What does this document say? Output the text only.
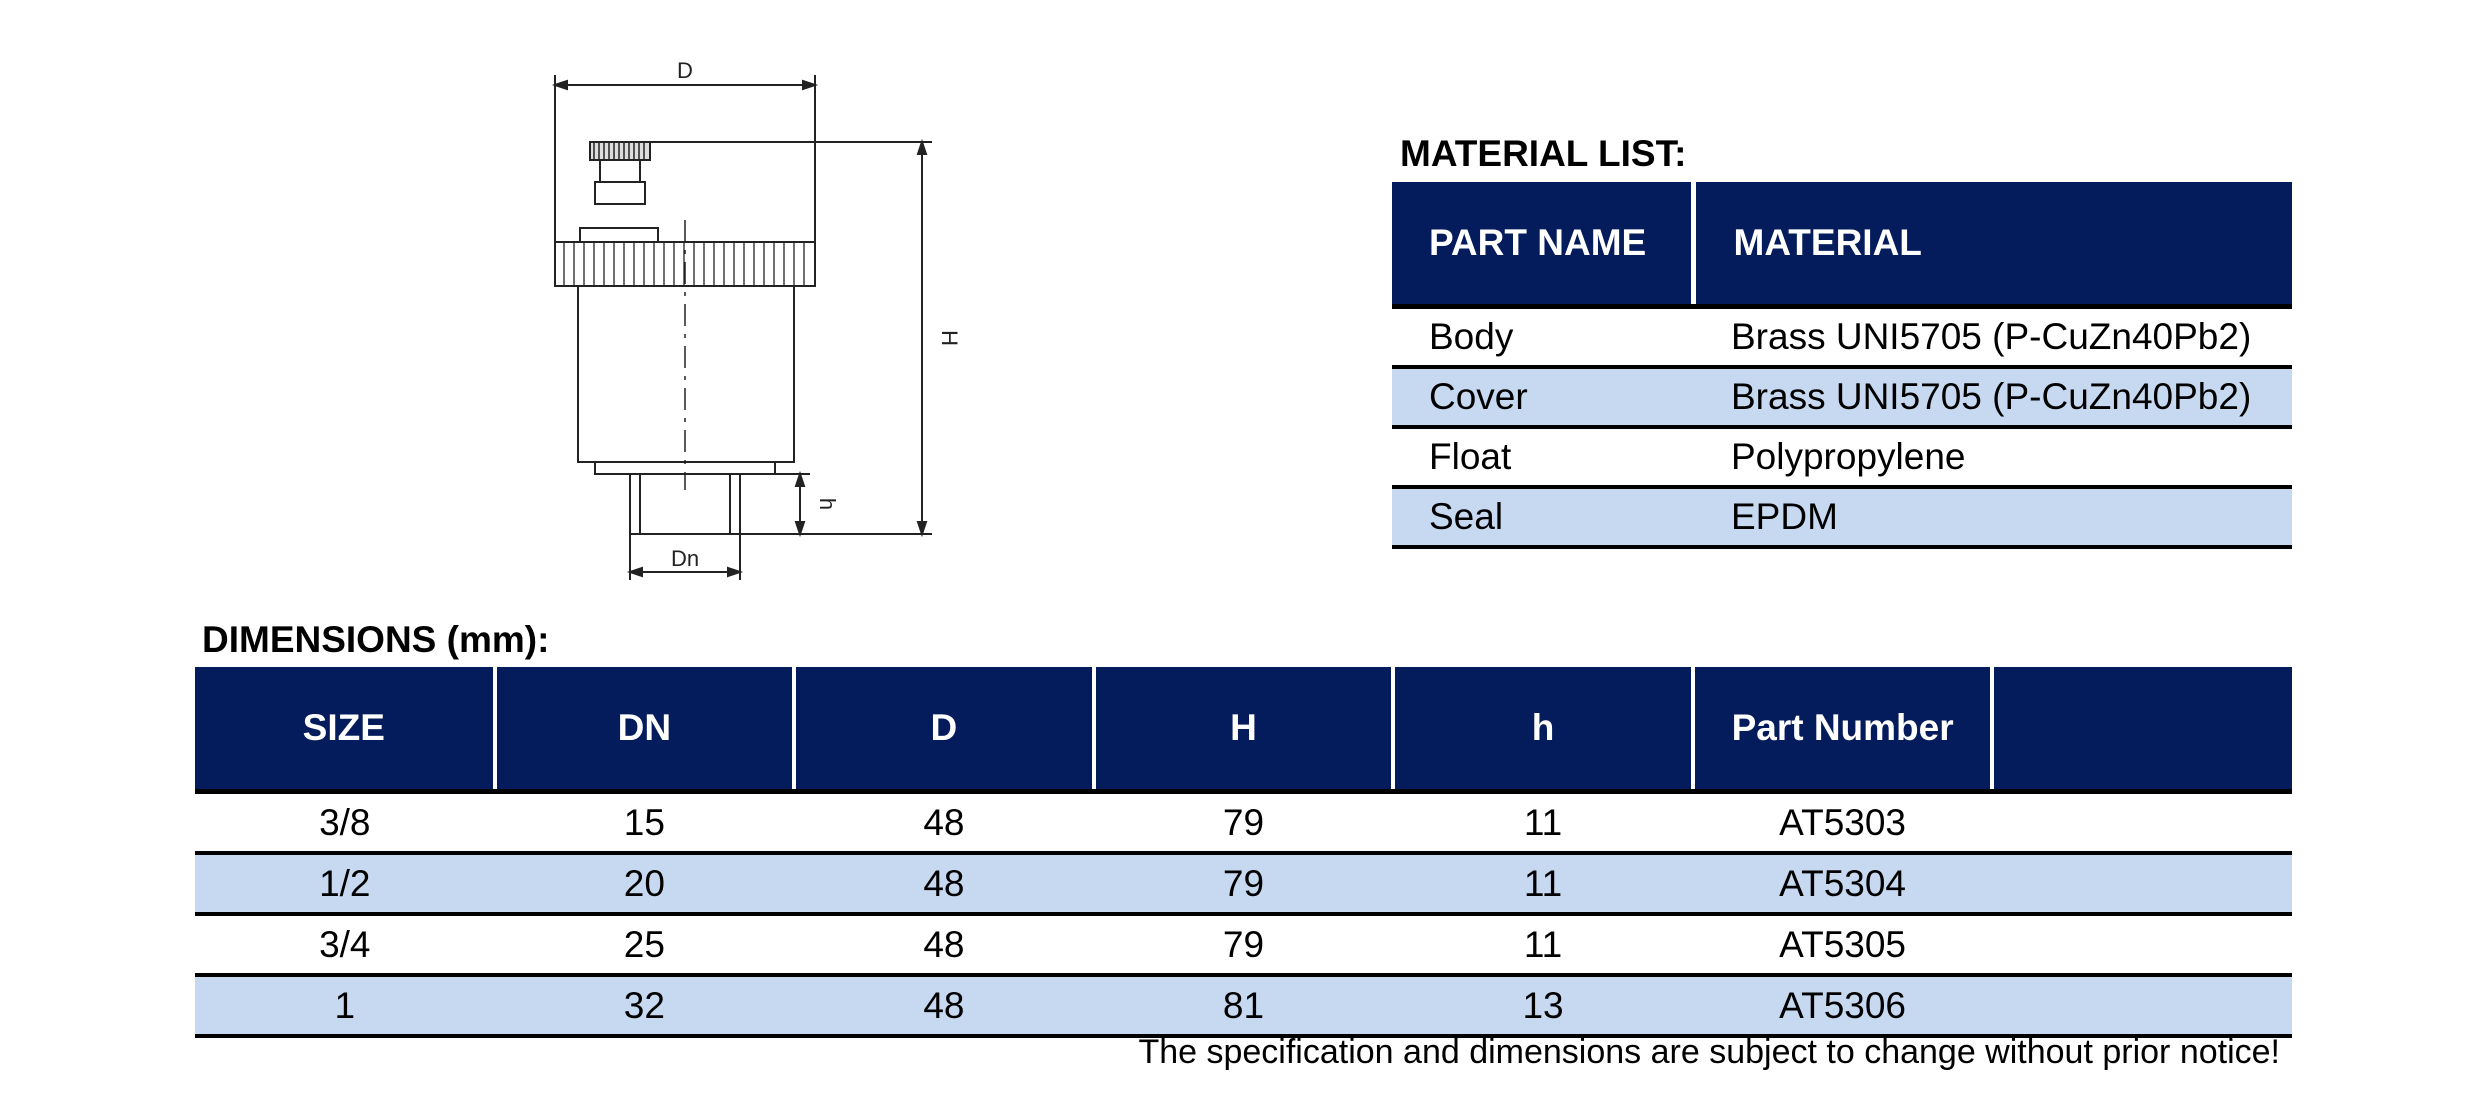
D
H
h
Dn
MATERIAL LIST:
PART NAME	MATERIAL
Body	Brass UNI5705 (P-CuZn40Pb2)
Cover	Brass UNI5705 (P-CuZn40Pb2)
Float	Polypropylene
Seal	EPDM
DIMENSIONS (mm):
SIZE	DN	D	H	h	Part Number	
3/8	15	48	79	11	AT5303	
1/2	20	48	79	11	AT5304	
3/4	25	48	79	11	AT5305	
1	32	48	81	13	AT5306	
The specification and dimensions are subject to change without prior notice!
